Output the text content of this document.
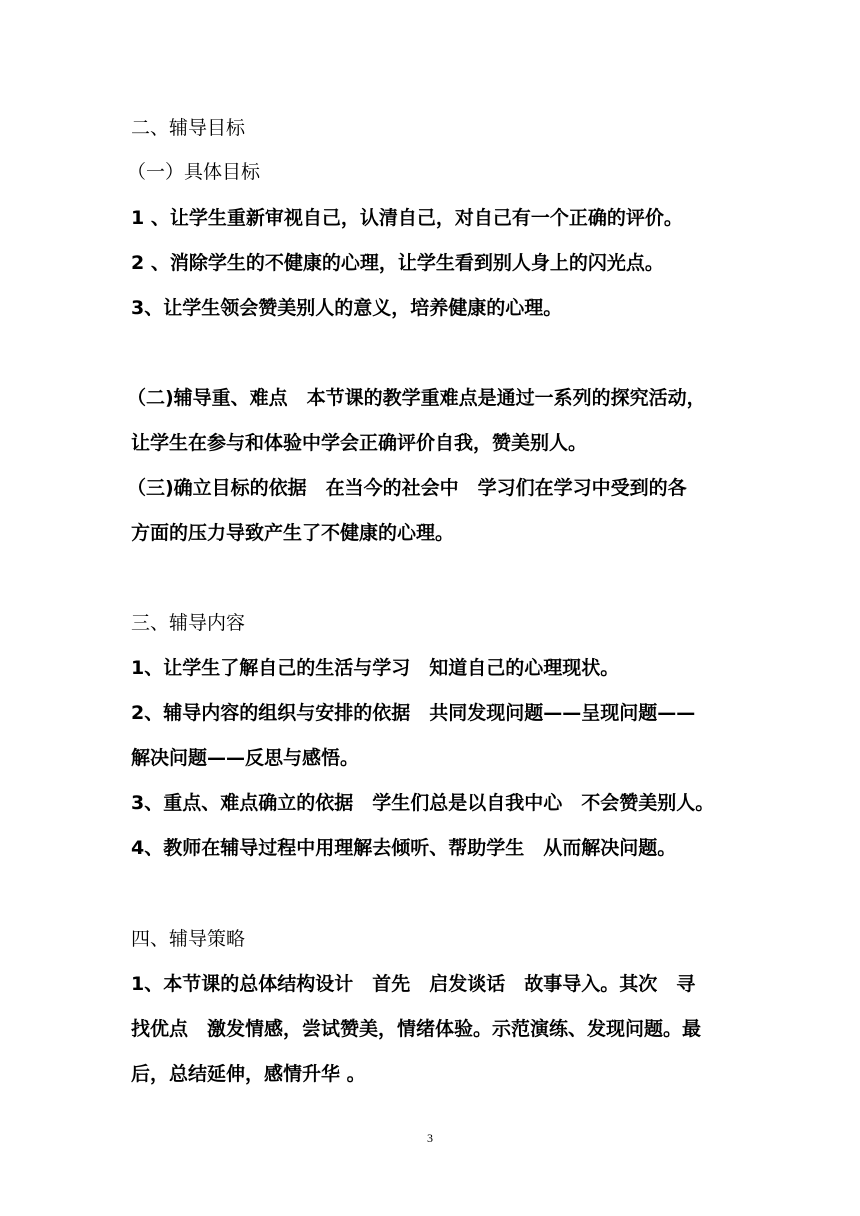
二、辅导目标
（一）具体目标
1 、让学生重新审视自己，认清自己，对自己有一个正确的评价。
2 、消除学生的不健康的心理，让学生看到别人身上的闪光点。
3、让学生领会赞美别人的意义，培养健康的心理。
（二)辅导重、难点　本节课的教学重难点是通过一系列的探究活动，
让学生在参与和体验中学会正确评价自我，赞美别人。
（三)确立目标的依据　在当今的社会中　学习们在学习中受到的各
方面的压力导致产生了不健康的心理。
三、辅导内容
1、让学生了解自己的生活与学习　知道自己的心理现状。
2、辅导内容的组织与安排的依据　共同发现问题——呈现问题——
解决问题——反思与感悟。
3、重点、难点确立的依据　学生们总是以自我中心　不会赞美别人。
4、教师在辅导过程中用理解去倾听、帮助学生　从而解决问题。
四、辅导策略
1、本节课的总体结构设计　首先　启发谈话　故事导入。其次　寻
找优点　激发情感，尝试赞美，情绪体验。示范演练、发现问题。最
后，总结延伸，感情升华 。
3
